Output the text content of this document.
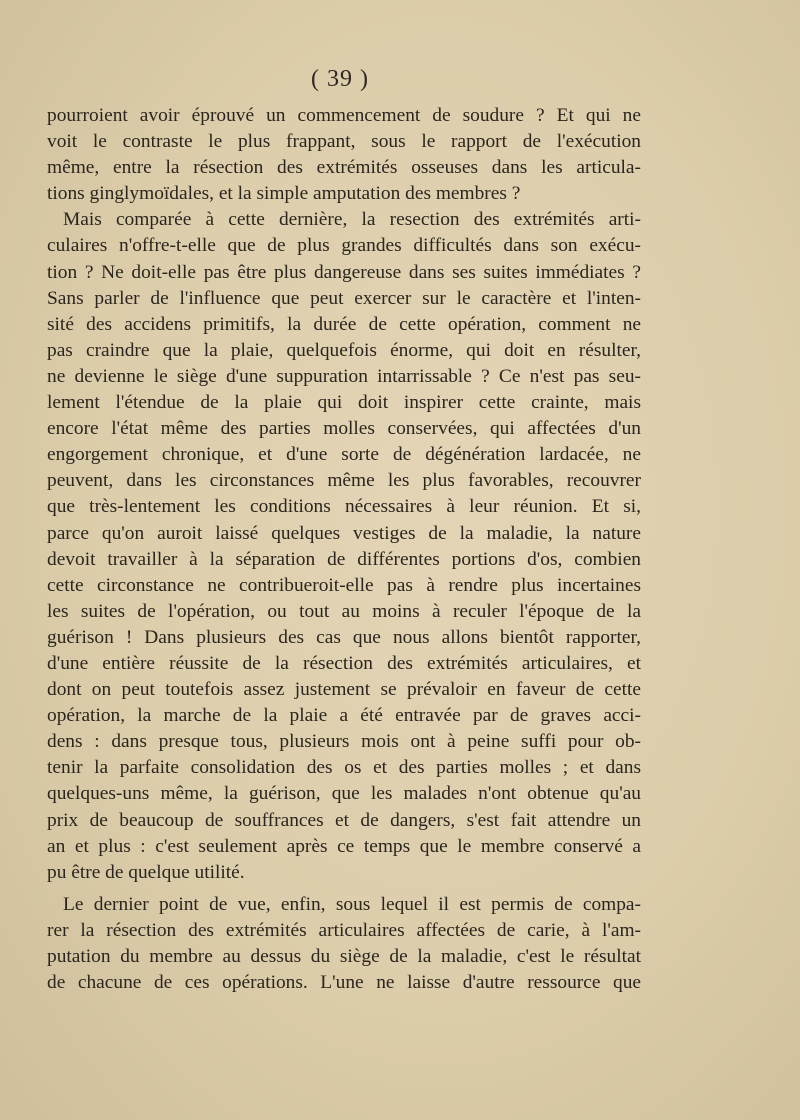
( 39 )
pourroient avoir éprouvé un commencement de soudure ? Et qui ne
voit le contraste le plus frappant, sous le rapport de l'exécution
même, entre la résection des extrémités osseuses dans les articula-
tions ginglymoïdales, et la simple amputation des membres ?
Mais comparée à cette dernière, la resection des extrémités arti-
culaires n'offre-t-elle que de plus grandes difficultés dans son exécu-
tion ? Ne doit-elle pas être plus dangereuse dans ses suites immédiates ?
Sans parler de l'influence que peut exercer sur le caractère et l'inten-
sité des accidens primitifs, la durée de cette opération, comment ne
pas craindre que la plaie, quelquefois énorme, qui doit en résulter,
ne devienne le siège d'une suppuration intarrissable ? Ce n'est pas seu-
lement l'étendue de la plaie qui doit inspirer cette crainte, mais
encore l'état même des parties molles conservées, qui affectées d'un
engorgement chronique, et d'une sorte de dégénération lardacée, ne
peuvent, dans les circonstances même les plus favorables, recouvrer
que très-lentement les conditions nécessaires à leur réunion. Et si,
parce qu'on auroit laissé quelques vestiges de la maladie, la nature
devoit travailler à la séparation de différentes portions d'os, combien
cette circonstance ne contribueroit-elle pas à rendre plus incertaines
les suites de l'opération, ou tout au moins à reculer l'époque de la
guérison ! Dans plusieurs des cas que nous allons bientôt rapporter,
d'une entière réussite de la résection des extrémités articulaires, et
dont on peut toutefois assez justement se prévaloir en faveur de cette
opération, la marche de la plaie a été entravée par de graves acci-
dens : dans presque tous, plusieurs mois ont à peine suffi pour ob-
tenir la parfaite consolidation des os et des parties molles ; et dans
quelques-uns même, la guérison, que les malades n'ont obtenue qu'au
prix de beaucoup de souffrances et de dangers, s'est fait attendre un
an et plus : c'est seulement après ce temps que le membre conservé a
pu être de quelque utilité.
Le dernier point de vue, enfin, sous lequel il est permis de compa-
rer la résection des extrémités articulaires affectées de carie, à l'am-
putation du membre au dessus du siège de la maladie, c'est le résultat
de chacune de ces opérations. L'une ne laisse d'autre ressource que
